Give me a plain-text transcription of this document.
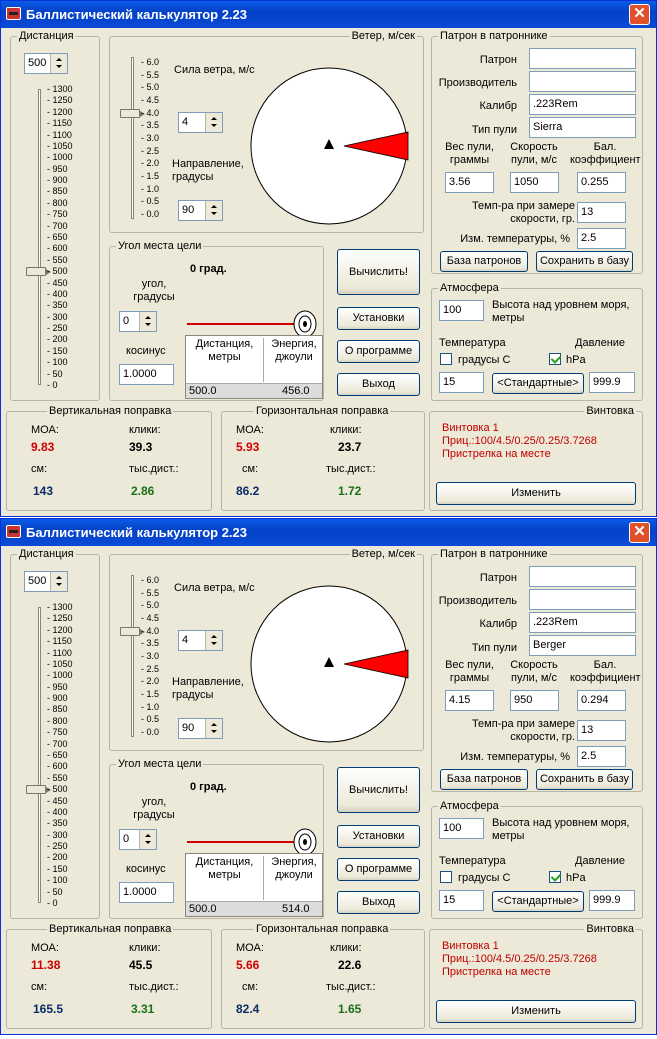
Баллистический калькулятор 2.23	✕
Дистанция
500
- 1300
- 1250
- 1200
- 1150
- 1100
- 1050
- 1000
- 950
- 900
- 850
- 800
- 750
- 700
- 650
- 600
- 550
- 500
- 450
- 400
- 350
- 300
- 250
- 200
- 150
- 100
- 50
- 0
Ветер, м/сек
- 6.0
- 5.5
- 5.0
- 4.5
- 4.0
- 3.5
- 3.0
- 2.5
- 2.0
- 1.5
- 1.0
- 0.5
- 0.0
Сила ветра, м/с
4
Направление, градусы
90
Угол места цели
0 град.
угол, градусы
0
косинус
1.0000
Дистанция, метры
Энергия, джоули
500.0	456.0
Вычислить!
Установки
О программе
Выход
Патрон в патроннике
Патрон
Производитель
Калибр	.223Rem
Тип пули	Sierra
Вес пули, граммы
Скорость пули, м/с
Бал. коэффициент
3.56	1050	0.255
Темп-ра при замере скорости, гр.
13
Изм. температуры, %	2.5
База патронов	Сохранить в базу
Атмосфера
100	Высота над уровнем моря, метры
Температура	Давление
градусы С	hPa
15	<Стандартные>	999.9
Вертикальная поправка
МОА:	клики:
9.83	39.3
см:	тыс.дист.:
143	2.86
Горизонтальная поправка
МОА:	клики:
5.93	23.7
см:	тыс.дист.:
86.2	1.72
Винтовка
Винтовка 1
Приц.:100/4.5/0.25/0.25/3.7268
Пристрелка на месте
Изменить
Баллистический калькулятор 2.23	✕
Дистанция
500
- 1300
- 1250
- 1200
- 1150
- 1100
- 1050
- 1000
- 950
- 900
- 850
- 800
- 750
- 700
- 650
- 600
- 550
- 500
- 450
- 400
- 350
- 300
- 250
- 200
- 150
- 100
- 50
- 0
Ветер, м/сек
- 6.0
- 5.5
- 5.0
- 4.5
- 4.0
- 3.5
- 3.0
- 2.5
- 2.0
- 1.5
- 1.0
- 0.5
- 0.0
Сила ветра, м/с
4
Направление, градусы
90
Угол места цели
0 град.
угол, градусы
0
косинус
1.0000
Дистанция, метры
Энергия, джоули
500.0	514.0
Вычислить!
Установки
О программе
Выход
Патрон в патроннике
Патрон
Производитель
Калибр	.223Rem
Тип пули	Berger
Вес пули, граммы
Скорость пули, м/с
Бал. коэффициент
4.15	950	0.294
Темп-ра при замере скорости, гр.
13
Изм. температуры, %	2.5
База патронов	Сохранить в базу
Атмосфера
100	Высота над уровнем моря, метры
Температура	Давление
градусы С	hPa
15	<Стандартные>	999.9
Вертикальная поправка
МОА:	клики:
11.38	45.5
см:	тыс.дист.:
165.5	3.31
Горизонтальная поправка
МОА:	клики:
5.66	22.6
см:	тыс.дист.:
82.4	1.65
Винтовка
Винтовка 1
Приц.:100/4.5/0.25/0.25/3.7268
Пристрелка на месте
Изменить
